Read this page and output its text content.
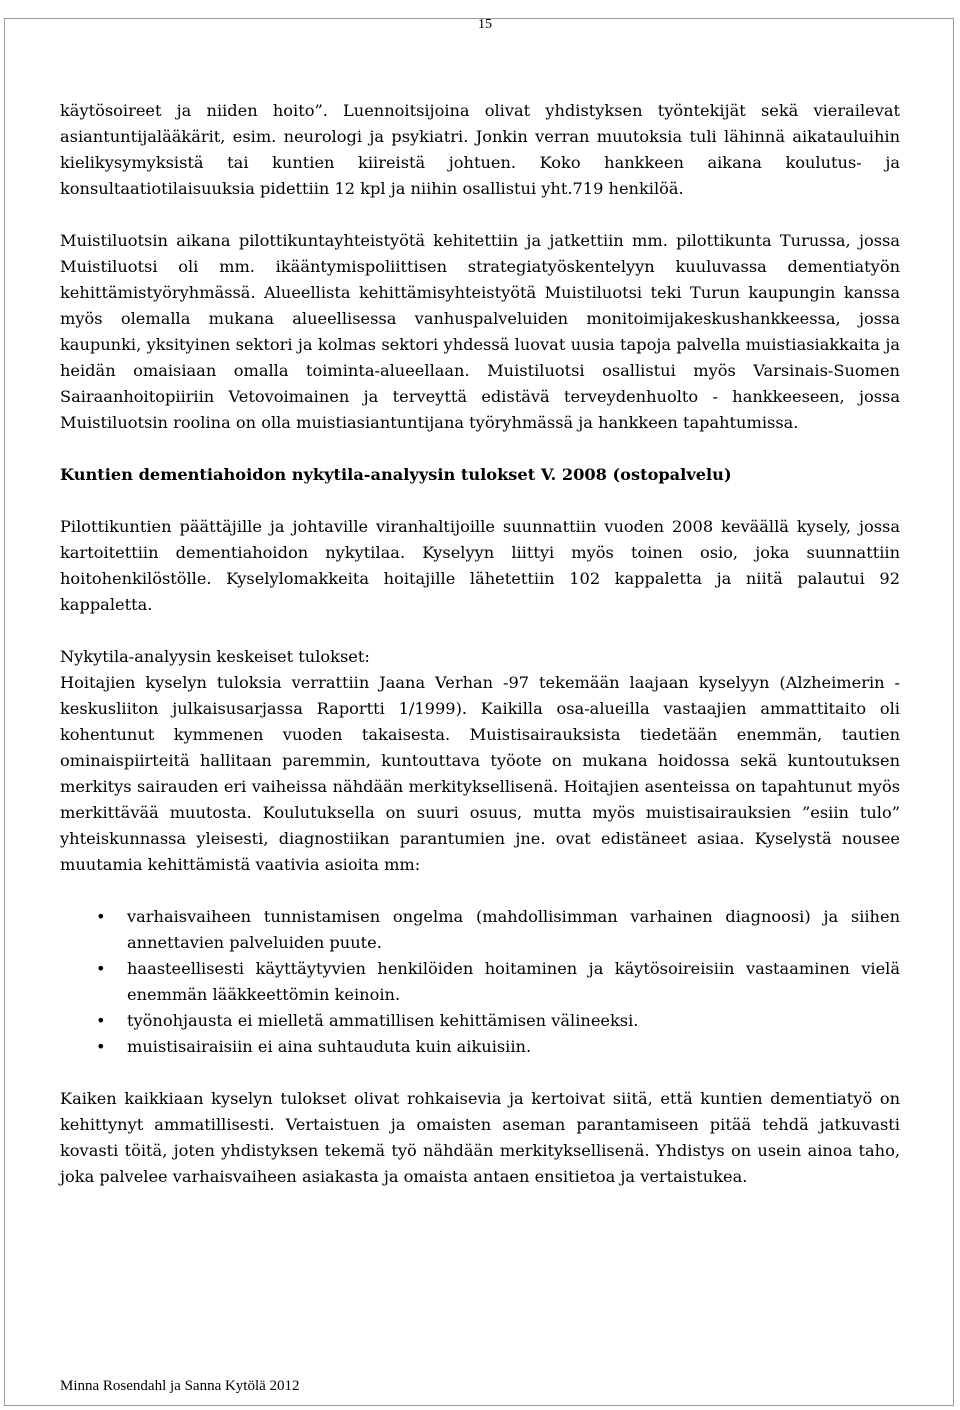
15

käytösoireet ja niiden hoito”. Luennoitsijoina olivat yhdistyksen työntekijät sekä vierailevat asiantuntijalääkärit, esim. neurologi ja psykiatri. Jonkin verran muutoksia tuli lähinnä aikatauluihin kielikysymyksistä tai kuntien kiireistä johtuen. Koko hankkeen aikana koulutus- ja konsultaatiotilaisuuksia pidettiin 12 kpl ja niihin osallistui yht.719 henkilöä.

Muistiluotsin aikana pilottikuntayhteistyötä kehitettiin ja jatkettiin mm. pilottikunta Turussa, jossa Muistiluotsi oli mm. ikääntymispoliittisen strategiatyöskentelyyn kuuluvassa dementiatyön kehittämistyöryhmässä. Alueellista kehittämisyhteistyötä Muistiluotsi teki Turun kaupungin kanssa myös olemalla mukana alueellisessa vanhuspalveluiden monitoimijakeskushankkeessa, jossa kaupunki, yksityinen sektori ja kolmas sektori yhdessä luovat uusia tapoja palvella muistiasiakkaita ja heidän omaisiaan omalla toiminta-alueellaan. Muistiluotsi osallistui myös Varsinais-Suomen Sairaanhoitopiiriin Vetovoimainen ja terveyttä edistävä terveydenhuolto - hankkeeseen, jossa Muistiluotsin roolina on olla muistiasiantuntijana työryhmässä ja hankkeen tapahtumissa.

Kuntien dementiahoidon nykytila-analyysin tulokset V. 2008 (ostopalvelu)

Pilottikuntien päättäjille ja johtaville viranhaltijoille suunnattiin vuoden 2008 keväällä kysely, jossa kartoitettiin dementiahoidon nykytilaa. Kyselyyn liittyi myös toinen osio, joka suunnattiin hoitohenkilöstölle. Kyselylomakkeita hoitajille lähetettiin 102 kappaletta ja niitä palautui 92 kappaletta.

Nykytila-analyysin keskeiset tulokset:

Hoitajien kyselyn tuloksia verrattiin Jaana Verhan -97 tekemään laajaan kyselyyn (Alzheimerin - keskusliiton julkaisusarjassa Raportti 1/1999). Kaikilla osa-alueilla vastaajien ammattitaito oli kohentunut kymmenen vuoden takaisesta. Muistisairauksista tiedetään enemmän, tautien ominaispiirteitä hallitaan paremmin, kuntouttava työote on mukana hoidossa sekä kuntoutuksen merkitys sairauden eri vaiheissa nähdään merkityksellisenä. Hoitajien asenteissa on tapahtunut myös merkittävää muutosta. Koulutuksella on suuri osuus, mutta myös muistisairauksien ”esiin tulo” yhteiskunnassa yleisesti, diagnostiikan parantumien jne. ovat edistäneet asiaa. Kyselystä nousee muutamia kehittämistä vaativia asioita mm:

• varhaisvaiheen tunnistamisen ongelma (mahdollisimman varhainen diagnoosi) ja siihen annettavien palveluiden puute.
• haasteellisesti käyttäytyvien henkilöiden hoitaminen ja käytösoireisiin vastaaminen vielä enemmän lääkkeettömin keinoin.
• työnohjausta ei mielletä ammatillisen kehittämisen välineeksi.
• muistisairaisiin ei aina suhtauduta kuin aikuisiin.

Kaiken kaikkiaan kyselyn tulokset olivat rohkaisevia ja kertoivat siitä, että kuntien dementiatyö on kehittynyt ammatillisesti. Vertaistuen ja omaisten aseman parantamiseen pitää tehdä jatkuvasti kovasti töitä, joten yhdistyksen tekemä työ nähdään merkityksellisenä. Yhdistys on usein ainoa taho, joka palvelee varhaisvaiheen asiakasta ja omaista antaen ensitietoa ja vertaistukea.

Minna Rosendahl ja Sanna Kytölä 2012
